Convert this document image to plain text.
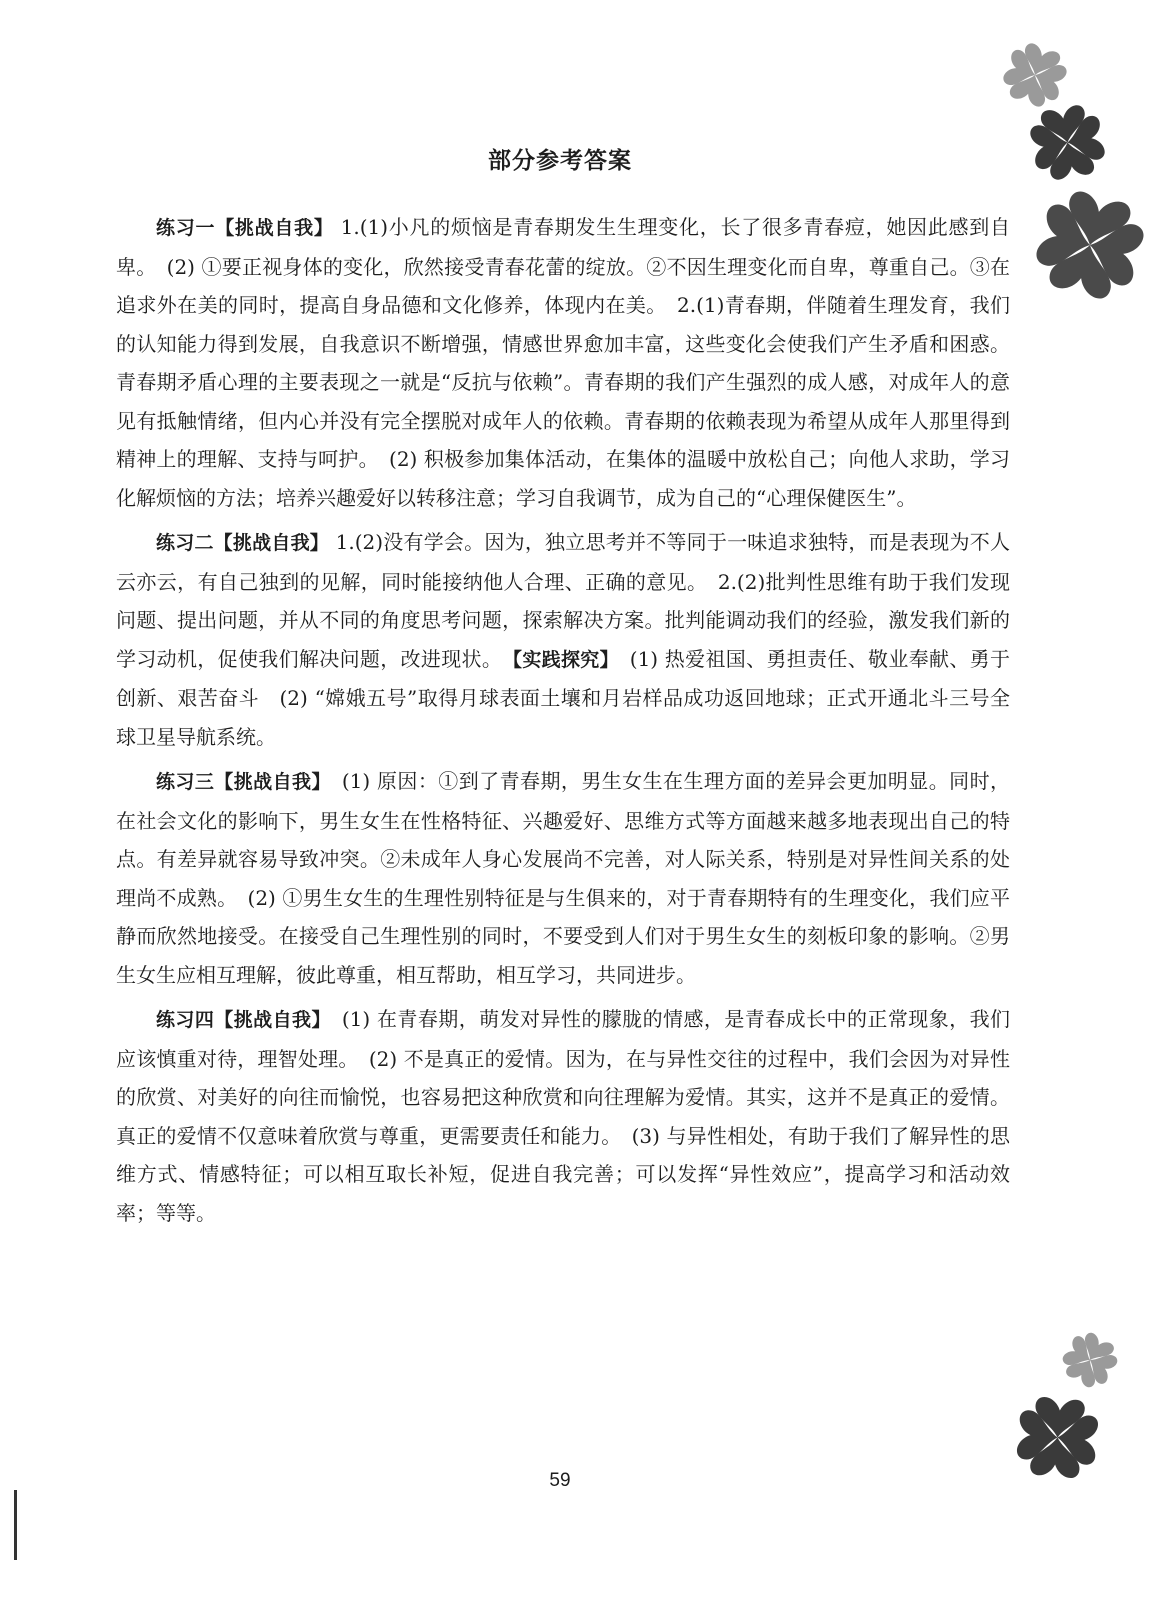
部分参考答案

练习一【挑战自我】 1.(1)小凡的烦恼是青春期发生生理变化，长了很多青春痘，她因此感到自卑。　(2) ①要正视身体的变化，欣然接受青春花蕾的绽放。②不因生理变化而自卑，尊重自己。③在追求外在美的同时，提高自身品德和文化修养，体现内在美。　2.(1)青春期，伴随着生理发育，我们的认知能力得到发展，自我意识不断增强，情感世界愈加丰富，这些变化会使我们产生矛盾和困惑。青春期矛盾心理的主要表现之一就是“反抗与依赖”。青春期的我们产生强烈的成人感，对成年人的意见有抵触情绪，但内心并没有完全摆脱对成年人的依赖。青春期的依赖表现为希望从成年人那里得到精神上的理解、支持与呵护。　(2) 积极参加集体活动，在集体的温暖中放松自己；向他人求助，学习化解烦恼的方法；培养兴趣爱好以转移注意；学习自我调节，成为自己的“心理保健医生”。

练习二【挑战自我】 1.(2)没有学会。因为，独立思考并不等同于一味追求独特，而是表现为不人云亦云，有自己独到的见解，同时能接纳他人合理、正确的意见。　2.(2)批判性思维有助于我们发现问题、提出问题，并从不同的角度思考问题，探索解决方案。批判能调动我们的经验，激发我们新的学习动机，促使我们解决问题，改进现状。　【实践探究】　(1) 热爱祖国、勇担责任、敬业奉献、勇于创新、艰苦奋斗　(2) “嫦娥五号”取得月球表面土壤和月岩样品成功返回地球；正式开通北斗三号全球卫星导航系统。

练习三【挑战自我】　(1) 原因：①到了青春期，男生女生在生理方面的差异会更加明显。同时，在社会文化的影响下，男生女生在性格特征、兴趣爱好、思维方式等方面越来越多地表现出自己的特点。有差异就容易导致冲突。②未成年人身心发展尚不完善，对人际关系，特别是对异性间关系的处理尚不成熟。　(2) ①男生女生的生理性别特征是与生俱来的，对于青春期特有的生理变化，我们应平静而欣然地接受。在接受自己生理性别的同时，不要受到人们对于男生女生的刻板印象的影响。②男生女生应相互理解，彼此尊重，相互帮助，相互学习，共同进步。

练习四【挑战自我】　(1) 在青春期，萌发对异性的朦胧的情感，是青春成长中的正常现象，我们应该慎重对待，理智处理。　(2) 不是真正的爱情。因为，在与异性交往的过程中，我们会因为对异性的欣赏、对美好的向往而愉悦，也容易把这种欣赏和向往理解为爱情。其实，这并不是真正的爱情。真正的爱情不仅意味着欣赏与尊重，更需要责任和能力。　(3) 与异性相处，有助于我们了解异性的思维方式、情感特征；可以相互取长补短，促进自我完善；可以发挥“异性效应”，提高学习和活动效率；等等。

59
